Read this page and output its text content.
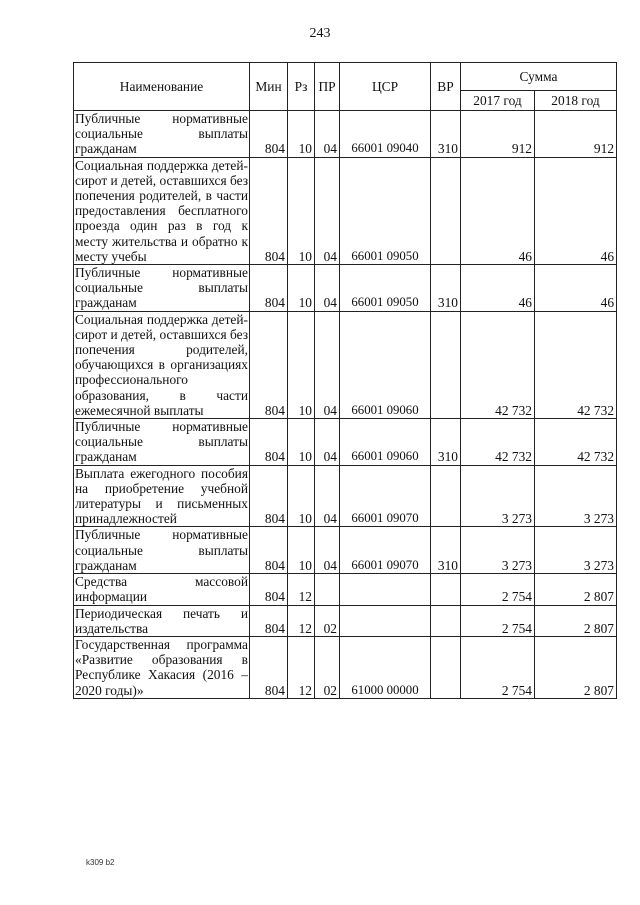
243
Наименование	Мин	Рз	ПР	ЦСР	ВР	Сумма	
						2017 год	2018 год
Публичные нормативные социальные выплаты гражданам	804	10	04	66001 09040	310	912	912
Социальная поддержка детей-сирот и детей, оставшихся без попечения родителей, в части предоставления бесплатного проезда один раз в год к месту жительства и обратно к месту учебы	804	10	04	66001 09050		46	46
Публичные нормативные социальные выплаты гражданам	804	10	04	66001 09050	310	46	46
Социальная поддержка детей-сирот и детей, оставшихся без попечения родителей, обучающихся в организациях профессионального образования, в части ежемесячной выплаты	804	10	04	66001 09060		42 732	42 732
Публичные нормативные социальные выплаты гражданам	804	10	04	66001 09060	310	42 732	42 732
Выплата ежегодного пособия на приобретение учебной литературы и письменных принадлежностей	804	10	04	66001 09070		3 273	3 273
Публичные нормативные социальные выплаты гражданам	804	10	04	66001 09070	310	3 273	3 273
Средства массовой информации	804	12				2 754	2 807
Периодическая печать и издательства	804	12	02			2 754	2 807
Государственная программа «Развитие образования в Республике Хакасия (2016 – 2020 годы)»	804	12	02	61000 00000		2 754	2 807
k309 b2
